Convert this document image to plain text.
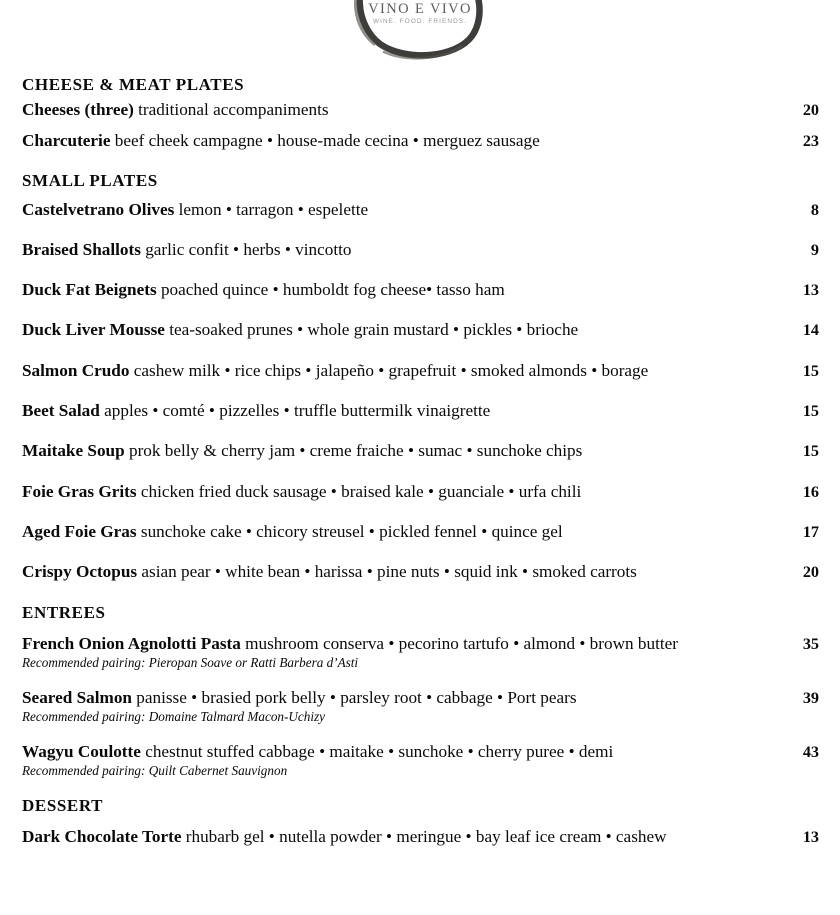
VINO E VIVO
WINE. FOOD. FRIENDS.
CHEESE & MEAT PLATES
Cheeses (three) traditional accompaniments	20
Charcuterie beef cheek campagne • house-made cecina • merguez sausage	23
SMALL PLATES
Castelvetrano Olives lemon • tarragon • espelette	8
Braised Shallots garlic confit • herbs • vincotto	9
Duck Fat Beignets poached quince • humboldt fog cheese• tasso ham	13
Duck Liver Mousse tea-soaked prunes • whole grain mustard • pickles • brioche	14
Salmon Crudo cashew milk • rice chips • jalapeño • grapefruit • smoked almonds • borage	15
Beet Salad apples • comté • pizzelles • truffle buttermilk vinaigrette	15
Maitake Soup prok belly & cherry jam • creme fraiche • sumac • sunchoke chips	15
Foie Gras Grits chicken fried duck sausage • braised kale • guanciale • urfa chili	16
Aged Foie Gras sunchoke cake • chicory streusel • pickled fennel • quince gel	17
Crispy Octopus asian pear • white bean • harissa • pine nuts • squid ink • smoked carrots	20
ENTREES
French Onion Agnolotti Pasta mushroom conserva • pecorino tartufo • almond • brown butter	35
Recommended pairing: Pieropan Soave or Ratti Barbera d’Asti
Seared Salmon panisse • brasied pork belly • parsley root • cabbage • Port pears	39
Recommended pairing: Domaine Talmard Macon-Uchizy
Wagyu Coulotte chestnut stuffed cabbage • maitake • sunchoke • cherry puree • demi	43
Recommended pairing: Quilt Cabernet Sauvignon
DESSERT
Dark Chocolate Torte rhubarb gel • nutella powder • meringue • bay leaf ice cream • cashew	13
